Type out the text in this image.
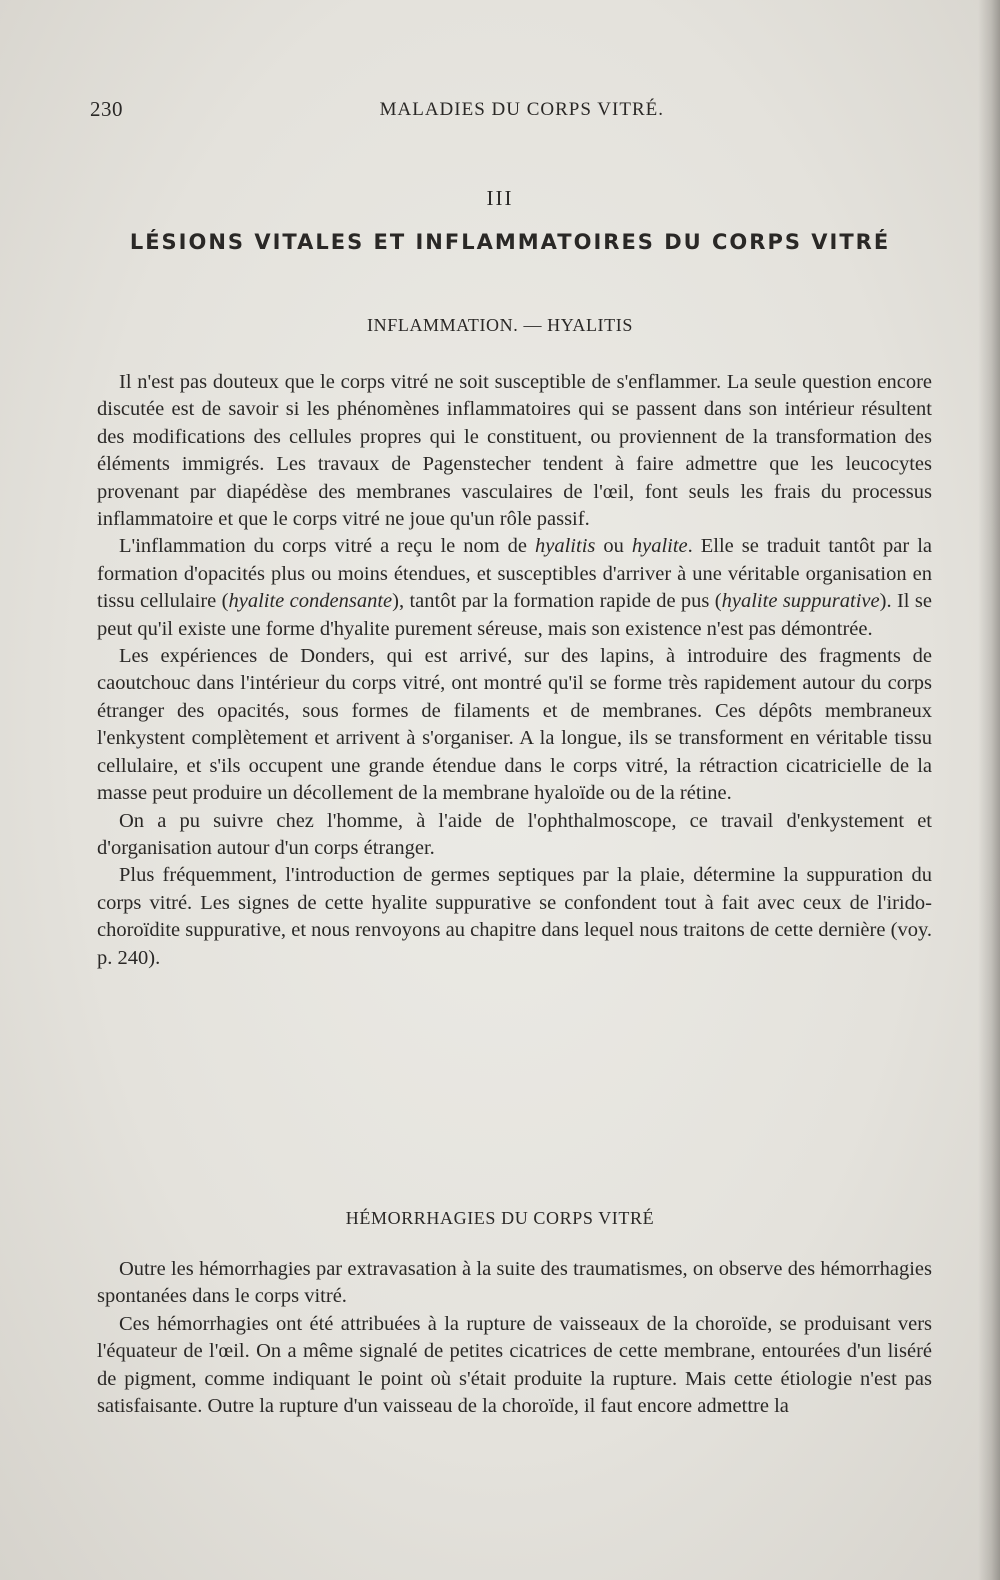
230	MALADIES DU CORPS VITRÉ.
III
LÉSIONS VITALES ET INFLAMMATOIRES DU CORPS VITRÉ
INFLAMMATION. — HYALITIS

Il n'est pas douteux que le corps vitré ne soit susceptible de s'enflammer. La seule question encore discutée est de savoir si les phénomènes inflammatoires qui se passent dans son intérieur résultent des modifications des cellules propres qui le constituent, ou proviennent de la transformation des éléments immigrés. Les travaux de Pagenstecher tendent à faire admettre que les leucocytes provenant par diapédèse des membranes vasculaires de l'œil, font seuls les frais du processus inflammatoire et que le corps vitré ne joue qu'un rôle passif.

L'inflammation du corps vitré a reçu le nom de hyalitis ou hyalite. Elle se traduit tantôt par la formation d'opacités plus ou moins étendues, et susceptibles d'arriver à une véritable organisation en tissu cellulaire (hyalite condensante), tantôt par la formation rapide de pus (hyalite suppurative). Il se peut qu'il existe une forme d'hyalite purement séreuse, mais son existence n'est pas démontrée.

Les expériences de Donders, qui est arrivé, sur des lapins, à introduire des fragments de caoutchouc dans l'intérieur du corps vitré, ont montré qu'il se forme très rapidement autour du corps étranger des opacités, sous formes de filaments et de membranes. Ces dépôts membraneux l'enkystent complètement et arrivent à s'organiser. A la longue, ils se transforment en véritable tissu cellulaire, et s'ils occupent une grande étendue dans le corps vitré, la rétraction cicatricielle de la masse peut produire un décollement de la membrane hyaloïde ou de la rétine.

On a pu suivre chez l'homme, à l'aide de l'ophthalmoscope, ce travail d'enkystement et d'organisation autour d'un corps étranger.

Plus fréquemment, l'introduction de germes septiques par la plaie, détermine la suppuration du corps vitré. Les signes de cette hyalite suppurative se confondent tout à fait avec ceux de l'irido-choroïdite suppurative, et nous renvoyons au chapitre dans lequel nous traitons de cette dernière (voy. p. 240).

HÉMORRHAGIES DU CORPS VITRÉ

Outre les hémorrhagies par extravasation à la suite des traumatismes, on observe des hémorrhagies spontanées dans le corps vitré.

Ces hémorrhagies ont été attribuées à la rupture de vaisseaux de la choroïde, se produisant vers l'équateur de l'œil. On a même signalé de petites cicatrices de cette membrane, entourées d'un liséré de pigment, comme indiquant le point où s'était produite la rupture. Mais cette étiologie n'est pas satisfaisante. Outre la rupture d'un vaisseau de la choroïde, il faut encore admettre la
